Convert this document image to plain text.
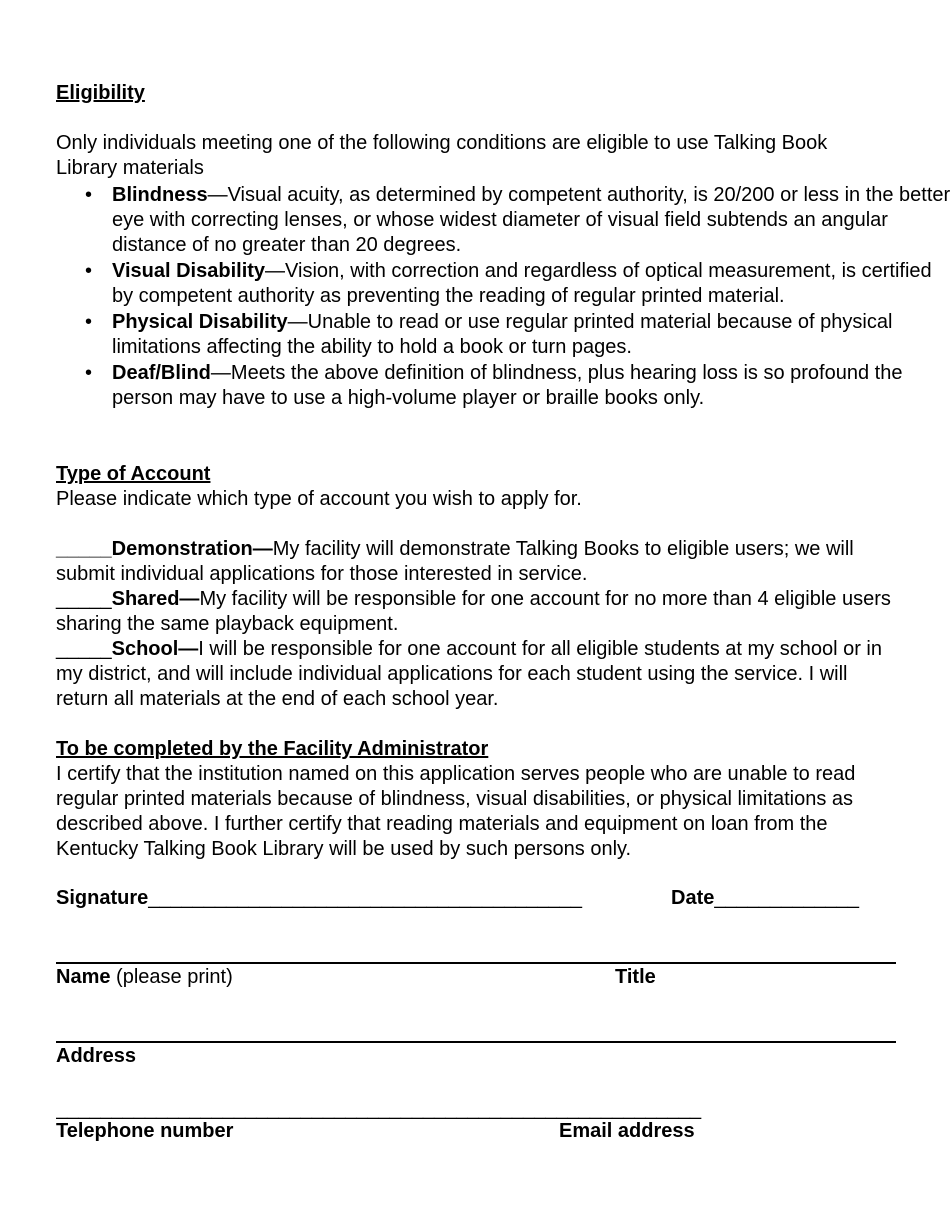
Eligibility
Only individuals meeting one of the following conditions are eligible to use Talking Book Library materials
• Blindness—Visual acuity, as determined by competent authority, is 20/200 or less in the better eye with correcting lenses, or whose widest diameter of visual field subtends an angular distance of no greater than 20 degrees.
• Visual Disability—Vision, with correction and regardless of optical measurement, is certified by competent authority as preventing the reading of regular printed material.
• Physical Disability—Unable to read or use regular printed material because of physical limitations affecting the ability to hold a book or turn pages.
• Deaf/Blind—Meets the above definition of blindness, plus hearing loss is so profound the person may have to use a high-volume player or braille books only.
Type of Account
Please indicate which type of account you wish to apply for.
_____Demonstration—My facility will demonstrate Talking Books to eligible users; we will submit individual applications for those interested in service.
_____Shared—My facility will be responsible for one account for no more than 4 eligible users sharing the same playback equipment.
_____School—I will be responsible for one account for all eligible students at my school or in my district, and will include individual applications for each student using the service. I will return all materials at the end of each school year.
To be completed by the Facility Administrator
I certify that the institution named on this application serves people who are unable to read regular printed materials because of blindness, visual disabilities, or physical limitations as described above. I further certify that reading materials and equipment on loan from the Kentucky Talking Book Library will be used by such persons only.
Signature_______________________________________	Date_____________
Name (please print)	Title
Address
__________________________________________________________
Telephone number	Email address
